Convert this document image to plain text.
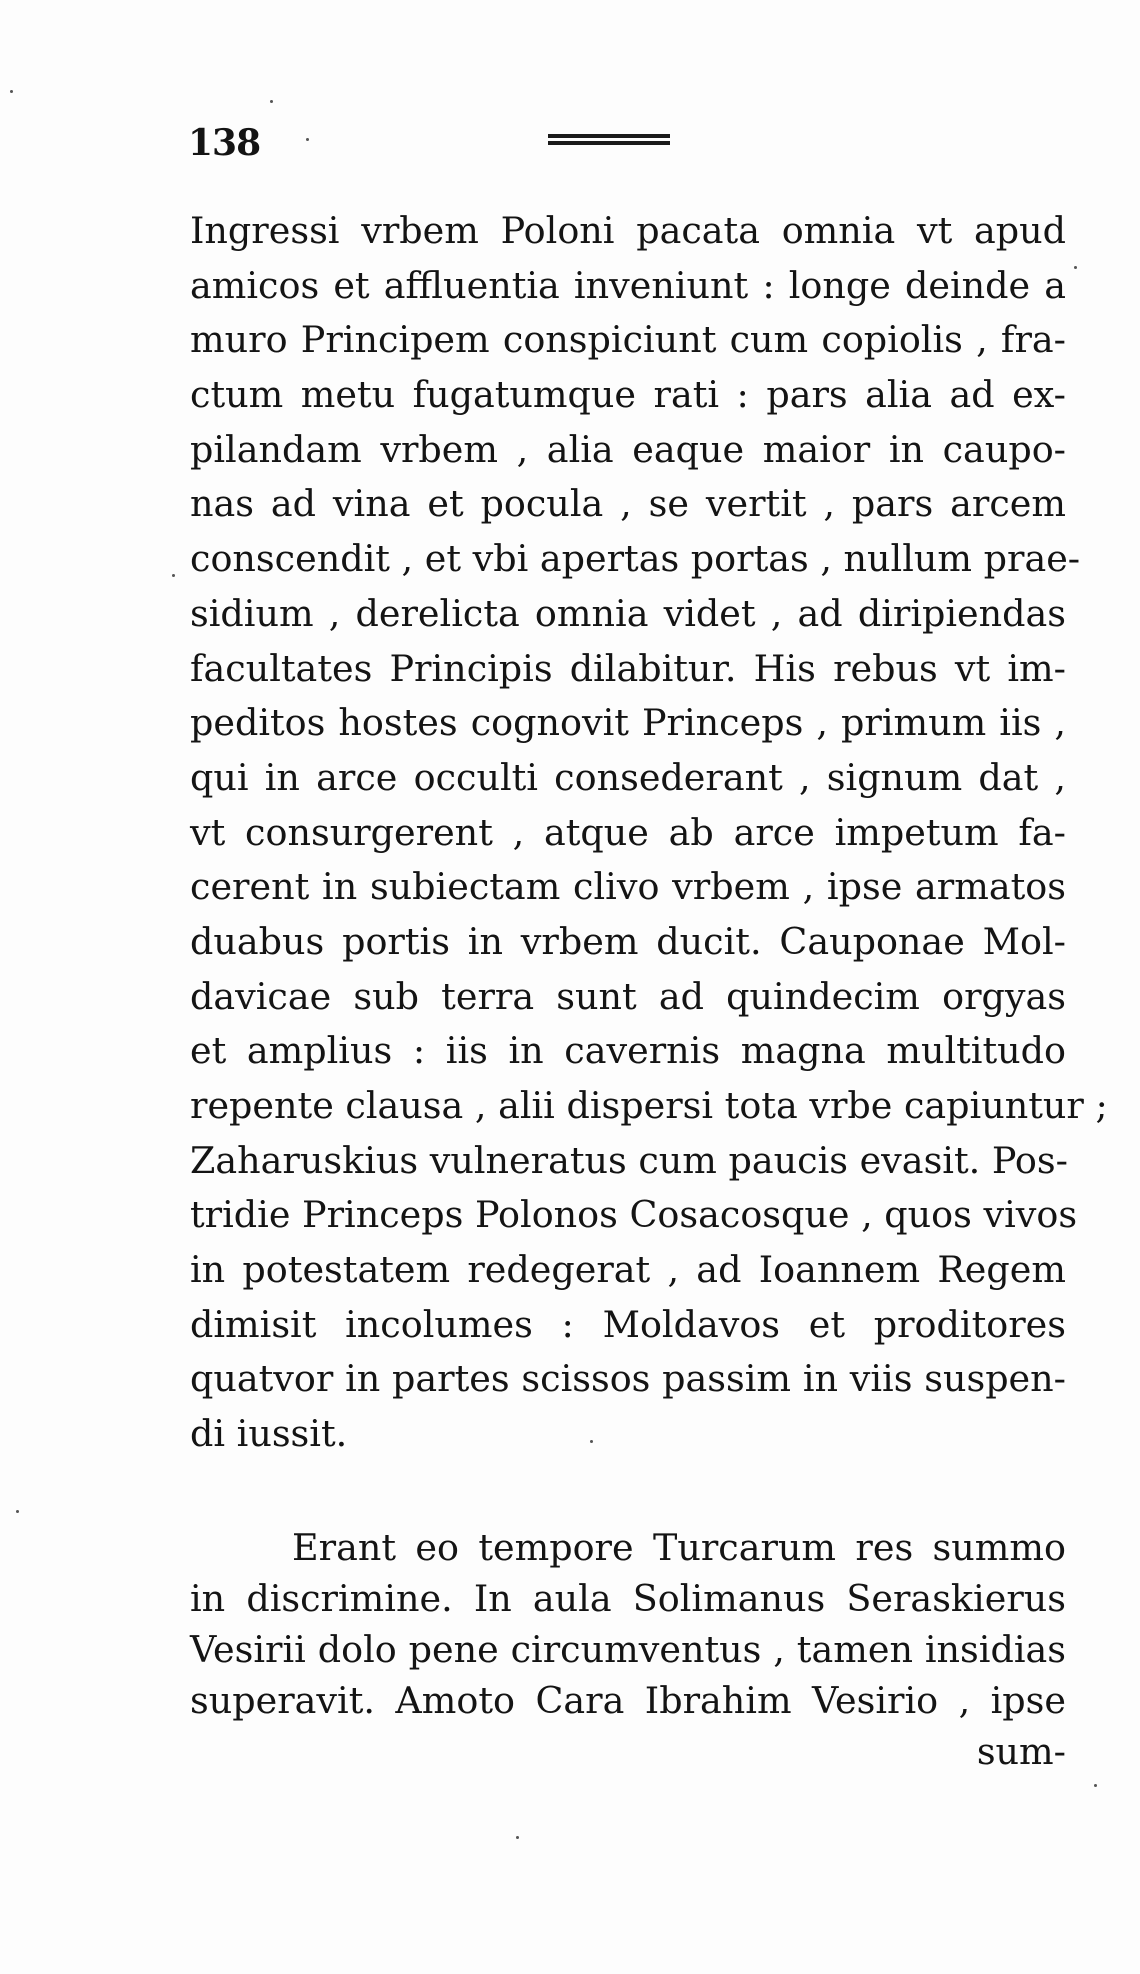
138
Ingressi vrbem Poloni pacata omnia vt apud
amicos et affluentia inveniunt : longe deinde a
muro Principem conspiciunt cum copiolis , fra-
ctum metu fugatumque rati : pars alia ad ex-
pilandam vrbem , alia eaque maior in caupo-
nas ad vina et pocula , se vertit , pars arcem
conscendit , et vbi apertas portas , nullum prae-
sidium , derelicta omnia videt , ad diripiendas
facultates Principis dilabitur. His rebus vt im-
peditos hostes cognovit Princeps , primum iis ,
qui in arce occulti consederant , signum dat ,
vt consurgerent , atque ab arce impetum fa-
cerent in subiectam clivo vrbem , ipse armatos
duabus portis in vrbem ducit. Cauponae Mol-
davicae sub terra sunt ad quindecim orgyas
et amplius : iis in cavernis magna multitudo
repente clausa , alii dispersi tota vrbe capiuntur ;
Zaharuskius vulneratus cum paucis evasit. Pos-
tridie Princeps Polonos Cosacosque , quos vivos
in potestatem redegerat , ad Ioannem Regem
dimisit incolumes : Moldavos et proditores
quatvor in partes scissos passim in viis suspen-
di iussit.
Erant eo tempore Turcarum res summo
in discrimine. In aula Solimanus Seraskierus
Vesirii dolo pene circumventus , tamen insidias
superavit. Amoto Cara Ibrahim Vesirio , ipse
sum-
